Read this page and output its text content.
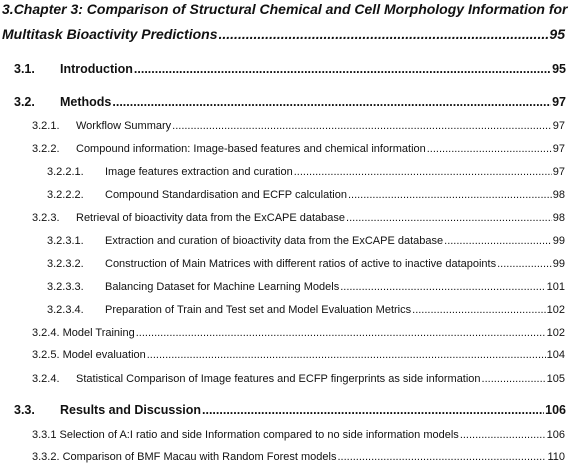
3. Chapter 3: Comparison of Structural Chemical and Cell Morphology Information for
Multitask Bioactivity Predictions .....	95
3.1.	Introduction .....	95
3.2.	Methods .....	97
3.2.1.	Workflow Summary .....	97
3.2.2.	Compound information: Image-based features and chemical information .....	97
3.2.2.1.	Image features extraction and curation .....	97
3.2.2.2.	Compound Standardisation and ECFP calculation .....	98
3.2.3.	Retrieval of bioactivity data from the ExCAPE database .....	98
3.2.3.1.	Extraction and curation of bioactivity data from the ExCAPE database .....	99
3.2.3.2.	Construction of Main Matrices with different ratios of active to inactive datapoints .....	99
3.2.3.3.	Balancing Dataset for Machine Learning Models .....	101
3.2.3.4.	Preparation of Train and Test set and Model Evaluation Metrics .....	102
3.2.4. Model Training .....	102
3.2.5. Model evaluation .....	104
3.2.4.	Statistical Comparison of Image features and ECFP fingerprints as side information .....	105
3.3.	Results and Discussion .....	106
3.3.1 Selection of A:I ratio and side Information compared to no side information models .....	106
3.3.2. Comparison of BMF Macau with Random Forest models .....	110
